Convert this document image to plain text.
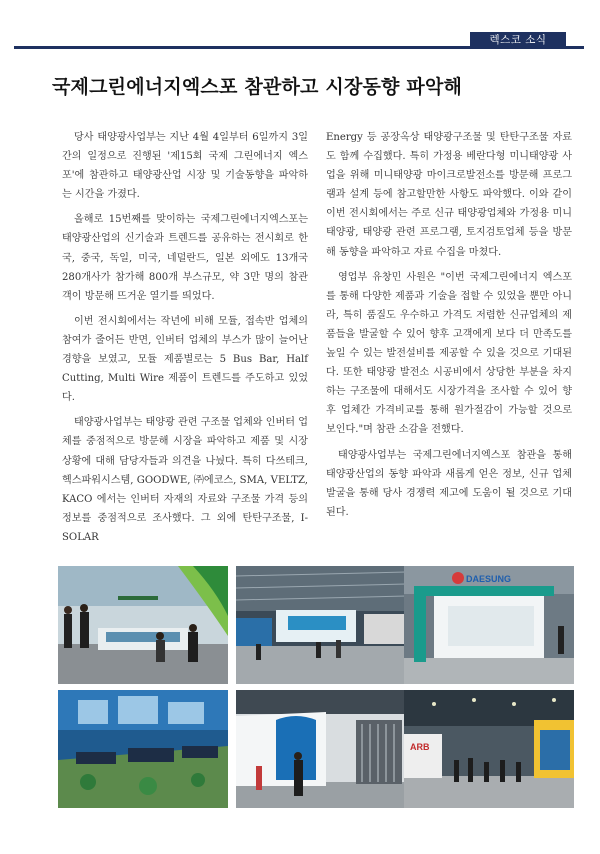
렉스코 소식
국제그린에너지엑스포 참관하고 시장동향 파악해

당사 태양광사업부는 지난 4월 4일부터 6일까지 3일간의 일정으로 진행된 '제15회 국제 그린에너지 엑스포'에 참관하고 태양광산업 시장 및 기술동향을 파악하는 시간을 가졌다.

올해로 15번째를 맞이하는 국제그린에너지엑스포는 태양광산업의 신기술과 트렌드를 공유하는 전시회로 한국, 중국, 독일, 미국, 네덜란드, 일본 외에도 13개국 280개사가 참가해 800개 부스규모, 약 3만 명의 참관객이 방문해 뜨거운 열기를 띄었다.

이번 전시회에서는 작년에 비해 모듈, 접속반 업체의 참여가 줄어든 반면, 인버터 업체의 부스가 많이 늘어난 경향을 보였고, 모듈 제품별로는 5 Bus Bar, Half Cutting, Multi Wire 제품이 트렌드를 주도하고 있었다.

태양광사업부는 태양광 관련 구조물 업체와 인버터 업체를 중점적으로 방문해 시장을 파악하고 제품 및 시장상황에 대해 담당자들과 의견을 나눴다. 특히 다쓰테크, 헥스파워시스템, GOODWE, ㈜에코스, SMA, VELTZ, KACO 에서는 인버터 자재의 자료와 구조물 가격 등의 정보를 중점적으로 조사했다. 그 외에 탄탄구조물, I-SOLAR

Energy 등 공장옥상 태양광구조물 및 탄탄구조물 자료도 함께 수집했다. 특히 가정용 베란다형 미니태양광 사업을 위해 미니태양광 마이크로발전소를 방문해 프로그램과 설계 등에 참고할만한 사항도 파악했다. 이와 같이 이번 전시회에서는 주로 신규 태양광업체와 가정용 미니태양광, 태양광 관련 프로그램, 토지검토업체 등을 방문해 동향을 파악하고 자료 수집을 마쳤다.

영업부 유창민 사원은 "이번 국제그린에너지 엑스포를 통해 다양한 제품과 기술을 접할 수 있었을 뿐만 아니라, 특히 품질도 우수하고 가격도 저렴한 신규업체의 제품들을 발굴할 수 있어 향후 고객에게 보다 더 만족도를 높일 수 있는 발전설비를 제공할 수 있을 것으로 기대된다. 또한 태양광 발전소 시공비에서 상당한 부분을 차지하는 구조물에 대해서도 시장가격을 조사할 수 있어 향후 업체간 가격비교를 통해 원가절감이 가능할 것으로 보인다."며 참관 소감을 전했다.

태양광사업부는 국제그린에너지엑스포 참관을 통해 태양광산업의 동향 파악과 새롭게 얻은 정보, 신규 업체 발굴을 통해 당사 경쟁력 제고에 도움이 될 것으로 기대된다.

DAESUNG
ARB
